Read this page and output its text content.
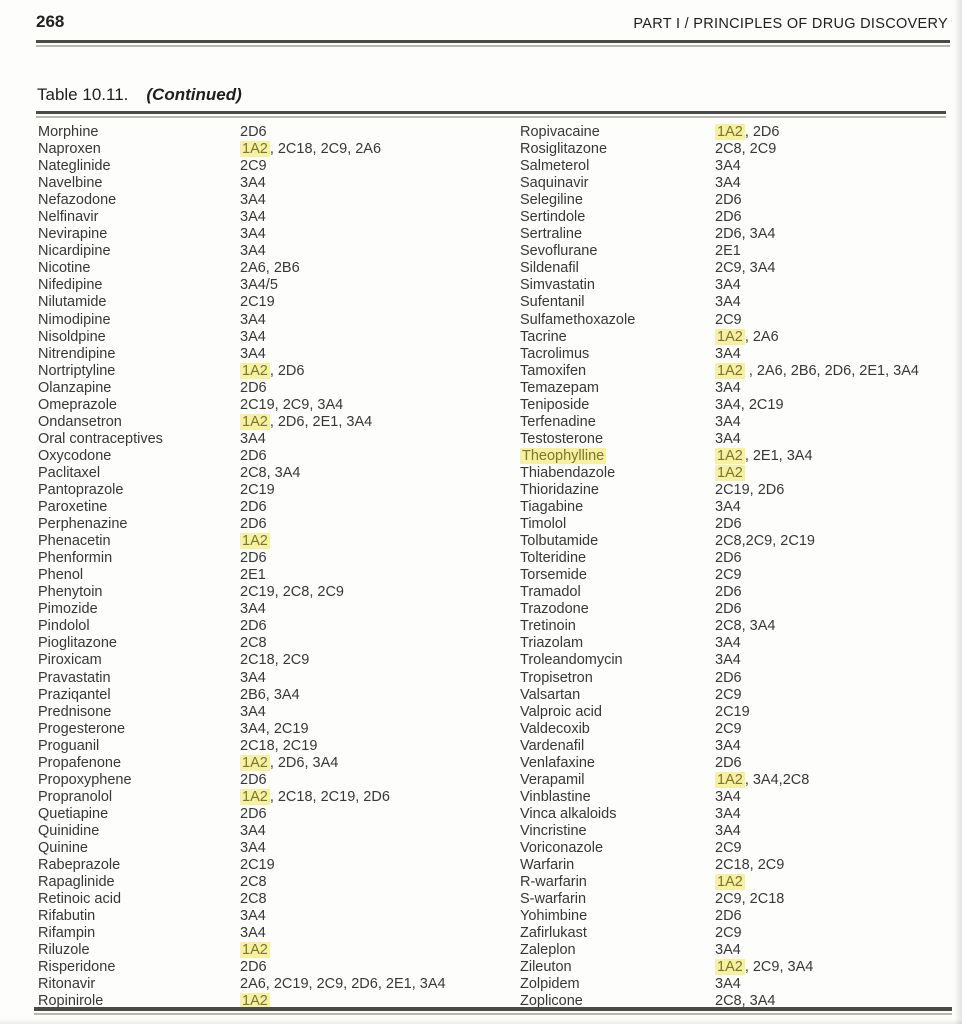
268	PART I / PRINCIPLES OF DRUG DISCOVERY
Table 10.11. (Continued)
Morphine	2D6
Naproxen	1A2 , 2C18, 2C9, 2A6
Nateglinide	2C9
Navelbine	3A4
Nefazodone	3A4
Nelfinavir	3A4
Nevirapine	3A4
Nicardipine	3A4
Nicotine	2A6, 2B6
Nifedipine	3A4/5
Nilutamide	2C19
Nimodipine	3A4
Nisoldpine	3A4
Nitrendipine	3A4
Nortriptyline	1A2 , 2D6
Olanzapine	2D6
Omeprazole	2C19, 2C9, 3A4
Ondansetron	1A2 , 2D6, 2E1, 3A4
Oral contraceptives	3A4
Oxycodone	2D6
Paclitaxel	2C8, 3A4
Pantoprazole	2C19
Paroxetine	2D6
Perphenazine	2D6
Phenacetin	1A2
Phenformin	2D6
Phenol	2E1
Phenytoin	2C19, 2C8, 2C9
Pimozide	3A4
Pindolol	2D6
Pioglitazone	2C8
Piroxicam	2C18, 2C9
Pravastatin	3A4
Praziqantel	2B6, 3A4
Prednisone	3A4
Progesterone	3A4, 2C19
Proguanil	2C18, 2C19
Propafenone	1A2 , 2D6, 3A4
Propoxyphene	2D6
Propranolol	1A2 , 2C18, 2C19, 2D6
Quetiapine	2D6
Quinidine	3A4
Quinine	3A4
Rabeprazole	2C19
Rapaglinide	2C8
Retinoic acid	2C8
Rifabutin	3A4
Rifampin	3A4
Riluzole	1A2
Risperidone	2D6
Ritonavir	2A6, 2C19, 2C9, 2D6, 2E1, 3A4
Ropinirole	1A2
Ropivacaine	1A2 , 2D6
Rosiglitazone	2C8, 2C9
Salmeterol	3A4
Saquinavir	3A4
Selegiline	2D6
Sertindole	2D6
Sertraline	2D6, 3A4
Sevoflurane	2E1
Sildenafil	2C9, 3A4
Simvastatin	3A4
Sufentanil	3A4
Sulfamethoxazole	2C9
Tacrine	1A2 , 2A6
Tacrolimus	3A4
Tamoxifen	1A2 , 2A6, 2B6, 2D6, 2E1, 3A4
Temazepam	3A4
Teniposide	3A4, 2C19
Terfenadine	3A4
Testosterone	3A4
Theophylline	1A2 , 2E1, 3A4
Thiabendazole	1A2
Thioridazine	2C19, 2D6
Tiagabine	3A4
Timolol	2D6
Tolbutamide	2C8,2C9, 2C19
Tolteridine	2D6
Torsemide	2C9
Tramadol	2D6
Trazodone	2D6
Tretinoin	2C8, 3A4
Triazolam	3A4
Troleandomycin	3A4
Tropisetron	2D6
Valsartan	2C9
Valproic acid	2C19
Valdecoxib	2C9
Vardenafil	3A4
Venlafaxine	2D6
Verapamil	1A2 , 3A4,2C8
Vinblastine	3A4
Vinca alkaloids	3A4
Vincristine	3A4
Voriconazole	2C9
Warfarin	2C18, 2C9
R-warfarin	1A2
S-warfarin	2C9, 2C18
Yohimbine	2D6
Zafirlukast	2C9
Zaleplon	3A4
Zileuton	1A2 , 2C9, 3A4
Zolpidem	3A4
Zoplicone	2C8, 3A4
